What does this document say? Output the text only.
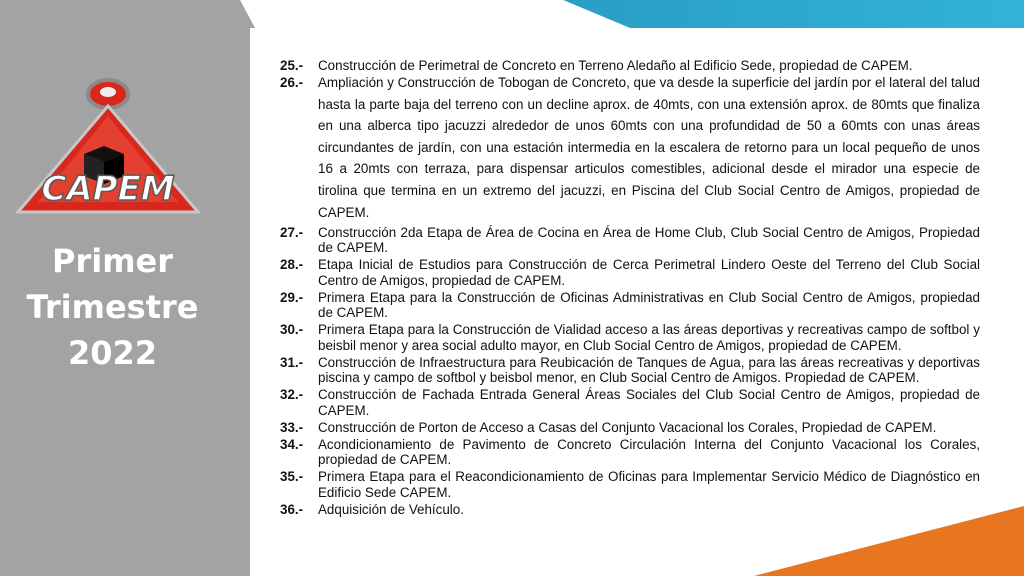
CAPEM
Primer
Trimestre
2022
25.-	Construcción de Perimetral de Concreto en Terreno Aledaño al Edificio Sede, propiedad de CAPEM.
26.-	Ampliación y Construcción de Tobogan de Concreto, que va desde la superficie del jardín por el lateral del talud hasta la parte baja del terreno con un decline aprox. de 40mts, con una extensión aprox. de 80mts que finaliza en una alberca tipo jacuzzi alrededor de unos 60mts con una profundidad de 50 a 60mts con unas áreas circundantes de jardín, con una estación intermedia en la escalera de retorno para un local pequeño de unos 16 a 20mts con terraza, para dispensar articulos comestibles, adicional desde el mirador una especie de tirolina que termina en un extremo del jacuzzi, en Piscina del Club Social Centro de Amigos, propiedad de CAPEM.
27.-	Construcción 2da Etapa de Área de Cocina en Área de Home Club, Club Social Centro de Amigos, Propiedad de CAPEM.
28.-	Etapa Inicial de Estudios para Construcción de Cerca Perimetral Lindero Oeste del Terreno del Club Social Centro de Amigos, propiedad de CAPEM.
29.-	Primera Etapa para la Construcción de Oficinas Administrativas en Club Social Centro de Amigos, propiedad de CAPEM.
30.-	Primera Etapa para la Construcción de Vialidad acceso a las áreas deportivas y recreativas campo de softbol y beisbil menor y area social adulto mayor, en Club Social Centro de Amigos, propiedad de CAPEM.
31.-	Construcción de Infraestructura para Reubicación de Tanques de Agua, para las áreas recreativas y deportivas piscina y campo de softbol y beisbol menor, en Club Social Centro de Amigos. Propiedad de CAPEM.
32.-	Construcción de Fachada Entrada General Áreas Sociales del Club Social Centro de Amigos, propiedad de CAPEM.
33.-	Construcción de Porton de Acceso a Casas del Conjunto Vacacional los Corales, Propiedad de CAPEM.
34.-	Acondicionamiento de Pavimento de Concreto Circulación Interna del Conjunto Vacacional los Corales, propiedad de CAPEM.
35.-	Primera Etapa para el Reacondicionamiento de Oficinas para Implementar Servicio Médico de Diagnóstico en Edificio Sede CAPEM.
36.-	Adquisición de Vehículo.
